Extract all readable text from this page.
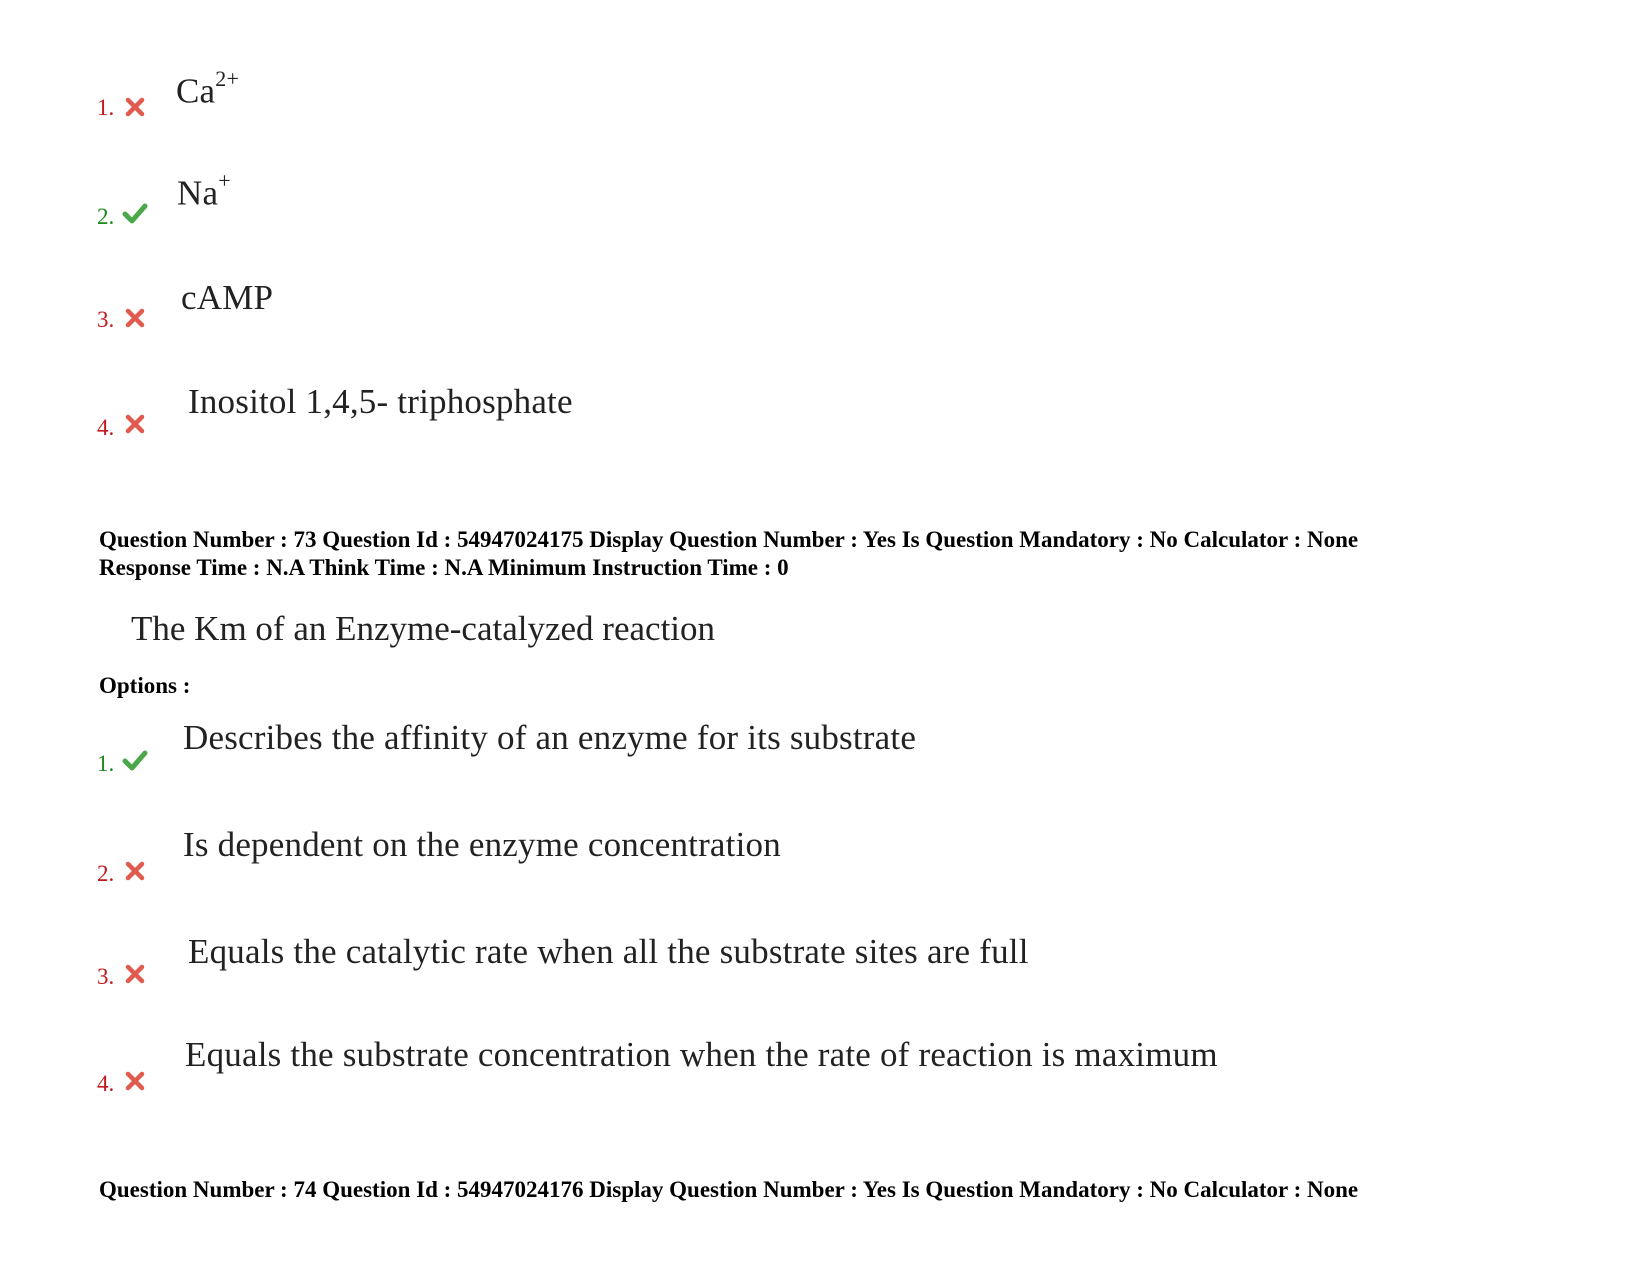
1. $Ca^{2+}$
2.
Na+
3.
cAMP
4.
Inositol 1,4,5- triphosphate
Question Number : 73 Question Id : 54947024175 Display Question Number : Yes Is Question Mandatory : No Calculator : None
Response Time : N.A Think Time : N.A Minimum Instruction Time : 0
The Km of an Enzyme-catalyzed reaction
Options :
1.
Describes the affinity of an enzyme for its substrate
2.
Is dependent on the enzyme concentration
3.
Equals the catalytic rate when all the substrate sites are full
4.
Equals the substrate concentration when the rate of reaction is maximum
Question Number : 74 Question Id : 54947024176 Display Question Number : Yes Is Question Mandatory : No Calculator : None
